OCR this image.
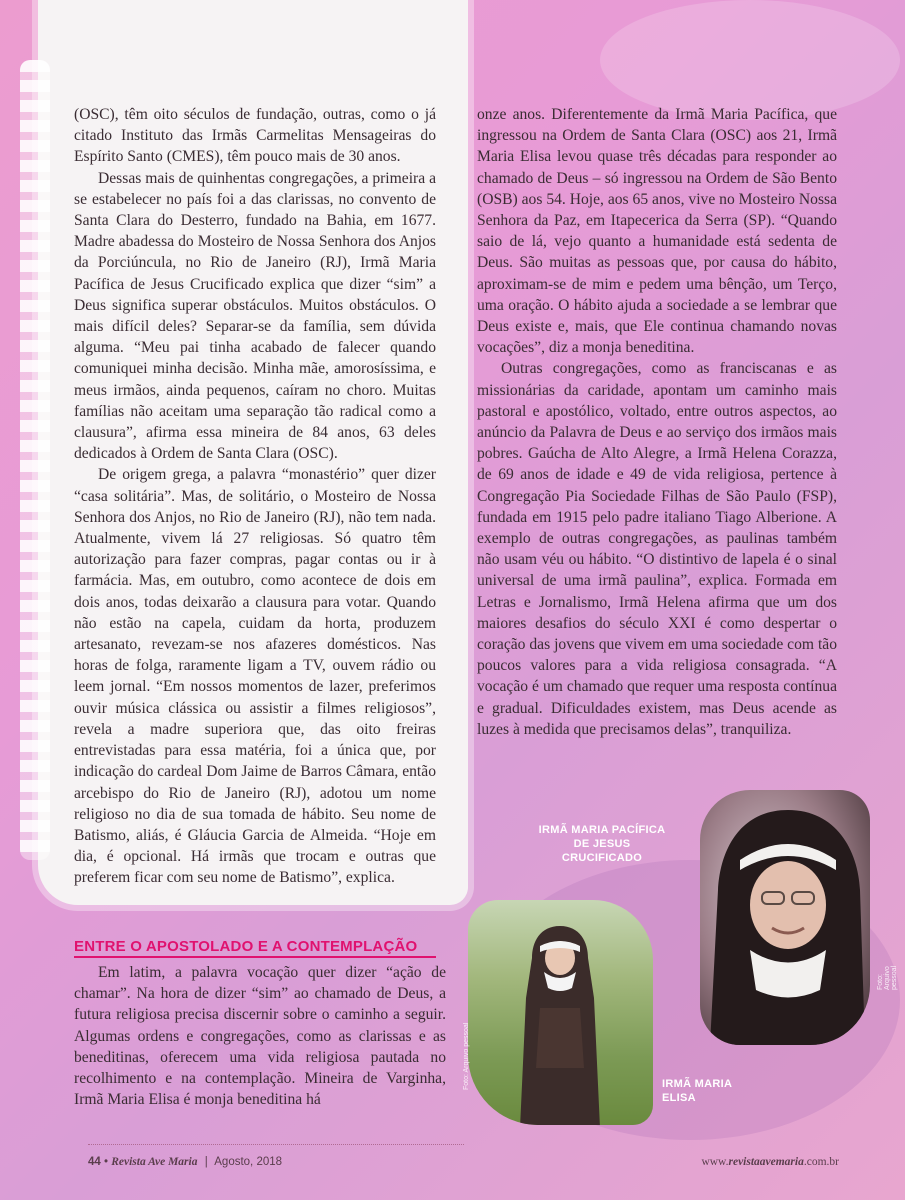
(OSC), têm oito séculos de fundação, outras, como o já citado Instituto das Irmãs Carmelitas Mensageiras do Espírito Santo (CMES), têm pouco mais de 30 anos.

Dessas mais de quinhentas congregações, a primeira a se estabelecer no país foi a das clarissas, no convento de Santa Clara do Desterro, fundado na Bahia, em 1677. Madre abadessa do Mosteiro de Nossa Senhora dos Anjos da Porciúncula, no Rio de Janeiro (RJ), Irmã Maria Pacífica de Jesus Crucificado explica que dizer “sim” a Deus significa superar obstáculos. Muitos obstáculos. O mais difícil deles? Separar-se da família, sem dúvida alguma. “Meu pai tinha acabado de falecer quando comuniquei minha decisão. Minha mãe, amorosíssima, e meus irmãos, ainda pequenos, caíram no choro. Muitas famílias não aceitam uma separação tão radical como a clausura”, afirma essa mineira de 84 anos, 63 deles dedicados à Ordem de Santa Clara (OSC).

De origem grega, a palavra “monastério” quer dizer “casa solitária”. Mas, de solitário, o Mosteiro de Nossa Senhora dos Anjos, no Rio de Janeiro (RJ), não tem nada. Atualmente, vivem lá 27 religiosas. Só quatro têm autorização para fazer compras, pagar contas ou ir à farmácia. Mas, em outubro, como acontece de dois em dois anos, todas deixarão a clausura para votar. Quando não estão na capela, cuidam da horta, produzem artesanato, revezam-se nos afazeres domésticos. Nas horas de folga, raramente ligam a TV, ouvem rádio ou leem jornal. “Em nossos momentos de lazer, preferimos ouvir música clássica ou assistir a filmes religiosos”, revela a madre superiora que, das oito freiras entrevistadas para essa matéria, foi a única que, por indicação do cardeal Dom Jaime de Barros Câmara, então arcebispo do Rio de Janeiro (RJ), adotou um nome religioso no dia de sua tomada de hábito. Seu nome de Batismo, aliás, é Gláucia Garcia de Almeida. “Hoje em dia, é opcional. Há irmãs que trocam e outras que preferem ficar com seu nome de Batismo”, explica.

ENTRE O APOSTOLADO E A CONTEMPLAÇÃO

Em latim, a palavra vocação quer dizer “ação de chamar”. Na hora de dizer “sim” ao chamado de Deus, a futura religiosa precisa discernir sobre o caminho a seguir. Algumas ordens e congregações, como as clarissas e as beneditinas, oferecem uma vida religiosa pautada no recolhimento e na contemplação. Mineira de Varginha, Irmã Maria Elisa é monja beneditina há

onze anos. Diferentemente da Irmã Maria Pacífica, que ingressou na Ordem de Santa Clara (OSC) aos 21, Irmã Maria Elisa levou quase três décadas para responder ao chamado de Deus – só ingressou na Ordem de São Bento (OSB) aos 54. Hoje, aos 65 anos, vive no Mosteiro Nossa Senhora da Paz, em Itapecerica da Serra (SP). “Quando saio de lá, vejo quanto a humanidade está sedenta de Deus. São muitas as pessoas que, por causa do hábito, aproximam-se de mim e pedem uma bênção, um Terço, uma oração. O hábito ajuda a sociedade a se lembrar que Deus existe e, mais, que Ele continua chamando novas vocações”, diz a monja beneditina.

Outras congregações, como as franciscanas e as missionárias da caridade, apontam um caminho mais pastoral e apostólico, voltado, entre outros aspectos, ao anúncio da Palavra de Deus e ao serviço dos irmãos mais pobres. Gaúcha de Alto Alegre, a Irmã Helena Corazza, de 69 anos de idade e 49 de vida religiosa, pertence à Congregação Pia Sociedade Filhas de São Paulo (FSP), fundada em 1915 pelo padre italiano Tiago Alberione. A exemplo de outras congregações, as paulinas também não usam véu ou hábito. “O distintivo de lapela é o sinal universal de uma irmã paulina”, explica. Formada em Letras e Jornalismo, Irmã Helena afirma que um dos maiores desafios do século XXI é como despertar o coração das jovens que vivem em uma sociedade com tão poucos valores para a vida religiosa consagrada. “A vocação é um chamado que requer uma resposta contínua e gradual. Dificuldades existem, mas Deus acende as luzes à medida que precisamos delas”, tranquiliza.

IRMÃ MARIA PACÍFICA DE JESUS CRUCIFICADO
IRMÃ MARIA ELISA
Foto: Arquivo pessoal
Foto: Arquivo pessoal
44 • Revista Ave Maria | Agosto, 2018	www.revistaavemaria.com.br
